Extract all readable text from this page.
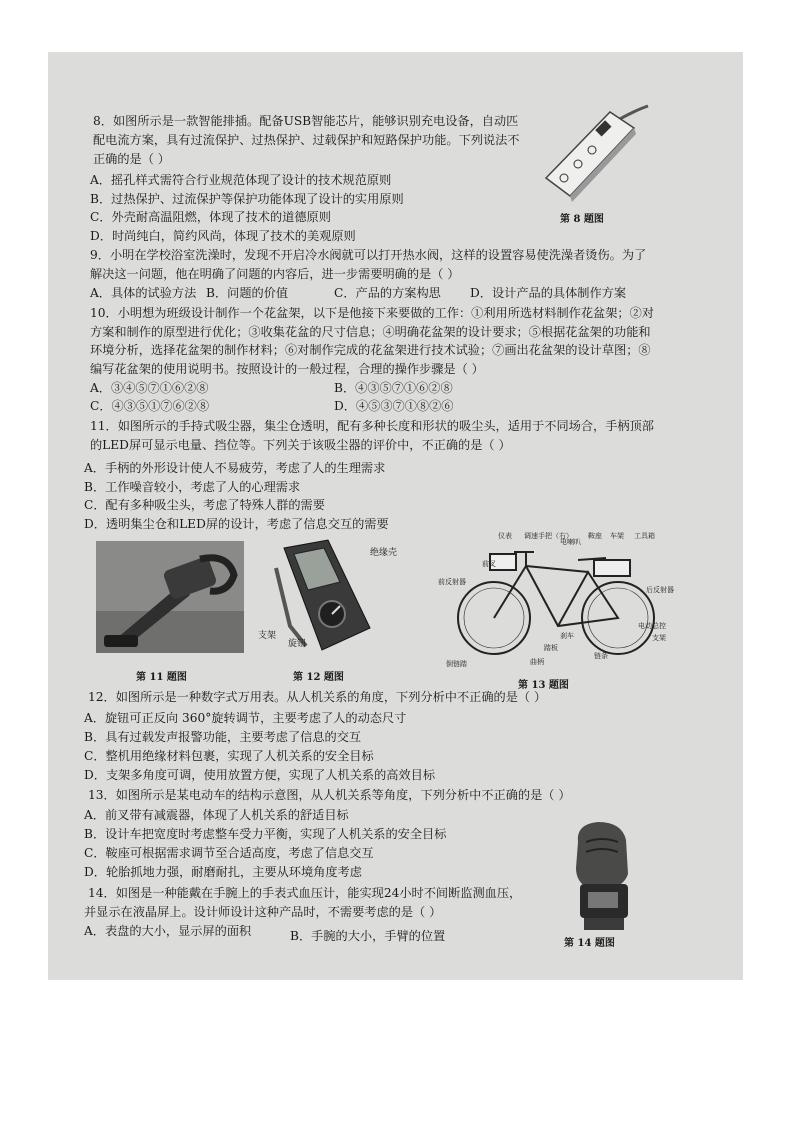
8．如图所示是一款智能排插。配备USB智能芯片，能够识别充电设备，自动匹
配电流方案，具有过流保护、过热保护、过载保护和短路保护功能。下列说法不
正确的是（ ）
A．摇孔样式需符合行业规范体现了设计的技术规范原则
B．过热保护、过流保护等保护功能体现了设计的实用原则
C．外壳耐高温阻燃，体现了技术的道德原则
D．时尚纯白，简约风尚，体现了技术的美观原则
第 8 题图
9．小明在学校浴室洗澡时，发现不开启冷水阀就可以打开热水阀，这样的设置容易使洗澡者烫伤。为了
解决这一问题，他在明确了问题的内容后，进一步需要明确的是（ ）
A．具体的试验方法 B．问题的价值	C．产品的方案构思 D．设计产品的具体制作方案
10．小明想为班级设计制作一个花盆架，以下是他接下来要做的工作：①利用所选材料制作花盆架；②对
方案和制作的原型进行优化；③收集花盆的尺寸信息；④明确花盆架的设计要求；⑤根据花盆架的功能和
环境分析，选择花盆架的制作材料；⑥对制作完成的花盆架进行技术试验；⑦画出花盆架的设计草图；⑧
编写花盆架的使用说明书。按照设计的一般过程，合理的操作步骤是（ ）
A．③④⑤⑦①⑥②⑧	B．④③⑤⑦①⑥②⑧
C．④③⑤①⑦⑥②⑧	D．④⑤③⑦①⑧②⑥
11．如图所示的手持式吸尘器，集尘仓透明，配有多种长度和形状的吸尘头，适用于不同场合，手柄顶部
的LED屏可显示电量、挡位等。下列关于该吸尘器的评价中，不正确的是（ ）
A．手柄的外形设计使人不易疲劳，考虑了人的生理需求
B．工作噪音较小，考虑了人的心理需求
C．配有多种吸尘头，考虑了特殊人群的需要
D．透明集尘仓和LED屏的设计，考虑了信息交互的需要
第 11 题图
绝缘壳
支架
旋钮
第 12 题图
仪表 调速手把（右）
电喇叭
鞍座 车架 工具箱
前叉
前反射器
后反射器
电动总控
支架
刹车
踏板
链条
曲柄
倒链踏
第 13 题图
12．如图所示是一种数字式万用表。从人机关系的角度，下列分析中不正确的是（ ）
A．旋钮可正反向 360°旋转调节，主要考虑了人的动态尺寸
B．具有过载发声报警功能，主要考虑了信息的交互
C．整机用绝缘材料包裹，实现了人机关系的安全目标
D．支架多角度可调，使用放置方便，实现了人机关系的高效目标
13．如图所示是某电动车的结构示意图，从人机关系等角度，下列分析中不正确的是（ ）
A．前叉带有减震器，体现了人机关系的舒适目标
B．设计车把宽度时考虑整车受力平衡，实现了人机关系的安全目标
C．鞍座可根据需求调节至合适高度，考虑了信息交互
D．轮胎抓地力强，耐磨耐扎，主要从环境角度考虑
14．如图是一种能戴在手腕上的手表式血压计，能实现24小时不间断监测血压，
并显示在液晶屏上。设计师设计这种产品时，不需要考虑的是（ ）
A．表盘的大小，显示屏的面积	B．手腕的大小，手臂的位置
第 14 题图
